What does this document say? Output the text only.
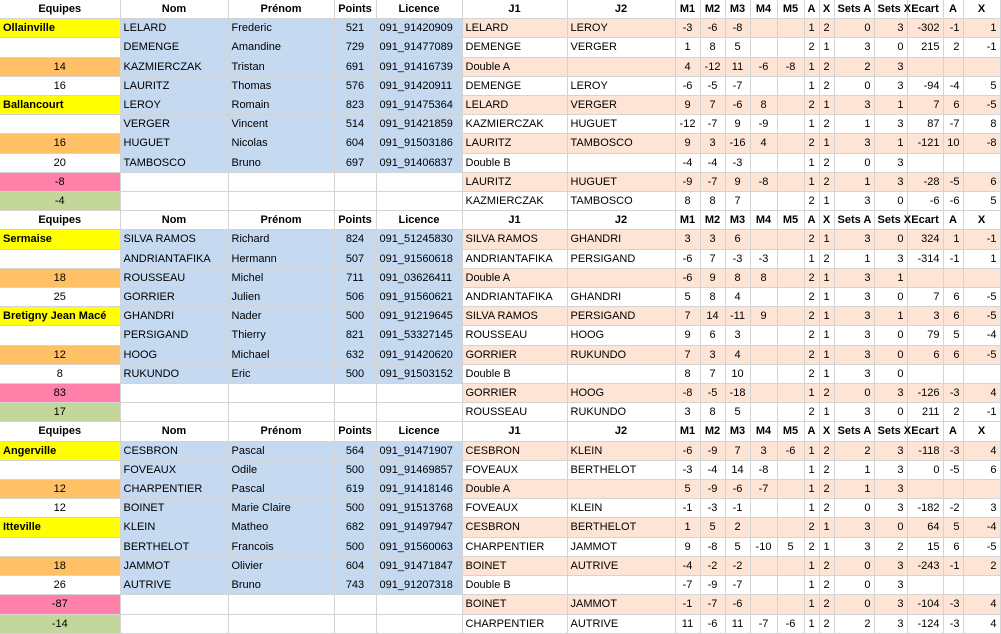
Equipes	Nom	Prénom	Points	Licence	J1	J2	M1	M2	M3	M4	M5	A	X	Sets A	Sets X	Ecart	A	X
Ollainville	LELARD	Frederic	521	091_91420909	LELARD	LEROY	-3	-6	-8			1	2	0	3	-302	-1	1
	DEMENGE	Amandine	729	091_91477089	DEMENGE	VERGER	1	8	5			2	1	3	0	215	2	-1
14	KAZMIERCZAK	Tristan	691	091_91416739	Double A		4	-12	11	-6	-8	1	2	2	3			
16	LAURITZ	Thomas	576	091_91420911	DEMENGE	LEROY	-6	-5	-7			1	2	0	3	-94	-4	5
Ballancourt	LEROY	Romain	823	091_91475364	LELARD	VERGER	9	7	-6	8		2	1	3	1	7	6	-5
	VERGER	Vincent	514	091_91421859	KAZMIERCZAK	HUGUET	-12	-7	9	-9		1	2	1	3	87	-7	8
16	HUGUET	Nicolas	604	091_91503186	LAURITZ	TAMBOSCO	9	3	-16	4		2	1	3	1	-121	10	-8
20	TAMBOSCO	Bruno	697	091_91406837	Double B		-4	-4	-3			1	2	0	3			
-8					LAURITZ	HUGUET	-9	-7	9	-8		1	2	1	3	-28	-5	6
-4					KAZMIERCZAK	TAMBOSCO	8	8	7			2	1	3	0	-6	-6	5
Equipes	Nom	Prénom	Points	Licence	J1	J2	M1	M2	M3	M4	M5	A	X	Sets A	Sets X	Ecart	A	X
Sermaise	SILVA RAMOS	Richard	824	091_51245830	SILVA RAMOS	GHANDRI	3	3	6			2	1	3	0	324	1	-1
	ANDRIANTAFIKA	Hermann	507	091_91560618	ANDRIANTAFIKA	PERSIGAND	-6	7	-3	-3		1	2	1	3	-314	-1	1
18	ROUSSEAU	Michel	711	091_03626411	Double A		-6	9	8	8		2	1	3	1			
25	GORRIER	Julien	506	091_91560621	ANDRIANTAFIKA	GHANDRI	5	8	4			2	1	3	0	7	6	-5
Bretigny Jean Macé	GHANDRI	Nader	500	091_91219645	SILVA RAMOS	PERSIGAND	7	14	-11	9		2	1	3	1	3	6	-5
	PERSIGAND	Thierry	821	091_53327145	ROUSSEAU	HOOG	9	6	3			2	1	3	0	79	5	-4
12	HOOG	Michael	632	091_91420620	GORRIER	RUKUNDO	7	3	4			2	1	3	0	6	6	-5
8	RUKUNDO	Eric	500	091_91503152	Double B		8	7	10			2	1	3	0			
83					GORRIER	HOOG	-8	-5	-18			1	2	0	3	-126	-3	4
17					ROUSSEAU	RUKUNDO	3	8	5			2	1	3	0	211	2	-1
Equipes	Nom	Prénom	Points	Licence	J1	J2	M1	M2	M3	M4	M5	A	X	Sets A	Sets X	Ecart	A	X
Angerville	CESBRON	Pascal	564	091_91471907	CESBRON	KLEIN	-6	-9	7	3	-6	1	2	2	3	-118	-3	4
	FOVEAUX	Odile	500	091_91469857	FOVEAUX	BERTHELOT	-3	-4	14	-8		1	2	1	3	0	-5	6
12	CHARPENTIER	Pascal	619	091_91418146	Double A		5	-9	-6	-7		1	2	1	3			
12	BOINET	Marie Claire	500	091_91513768	FOVEAUX	KLEIN	-1	-3	-1			1	2	0	3	-182	-2	3
Itteville	KLEIN	Matheo	682	091_91497947	CESBRON	BERTHELOT	1	5	2			2	1	3	0	64	5	-4
	BERTHELOT	Francois	500	091_91560063	CHARPENTIER	JAMMOT	9	-8	5	-10	5	2	1	3	2	15	6	-5
18	JAMMOT	Olivier	604	091_91471847	BOINET	AUTRIVE	-4	-2	-2			1	2	0	3	-243	-1	2
26	AUTRIVE	Bruno	743	091_91207318	Double B		-7	-9	-7			1	2	0	3			
-87					BOINET	JAMMOT	-1	-7	-6			1	2	0	3	-104	-3	4
-14					CHARPENTIER	AUTRIVE	11	-6	11	-7	-6	1	2	2	3	-124	-3	4
